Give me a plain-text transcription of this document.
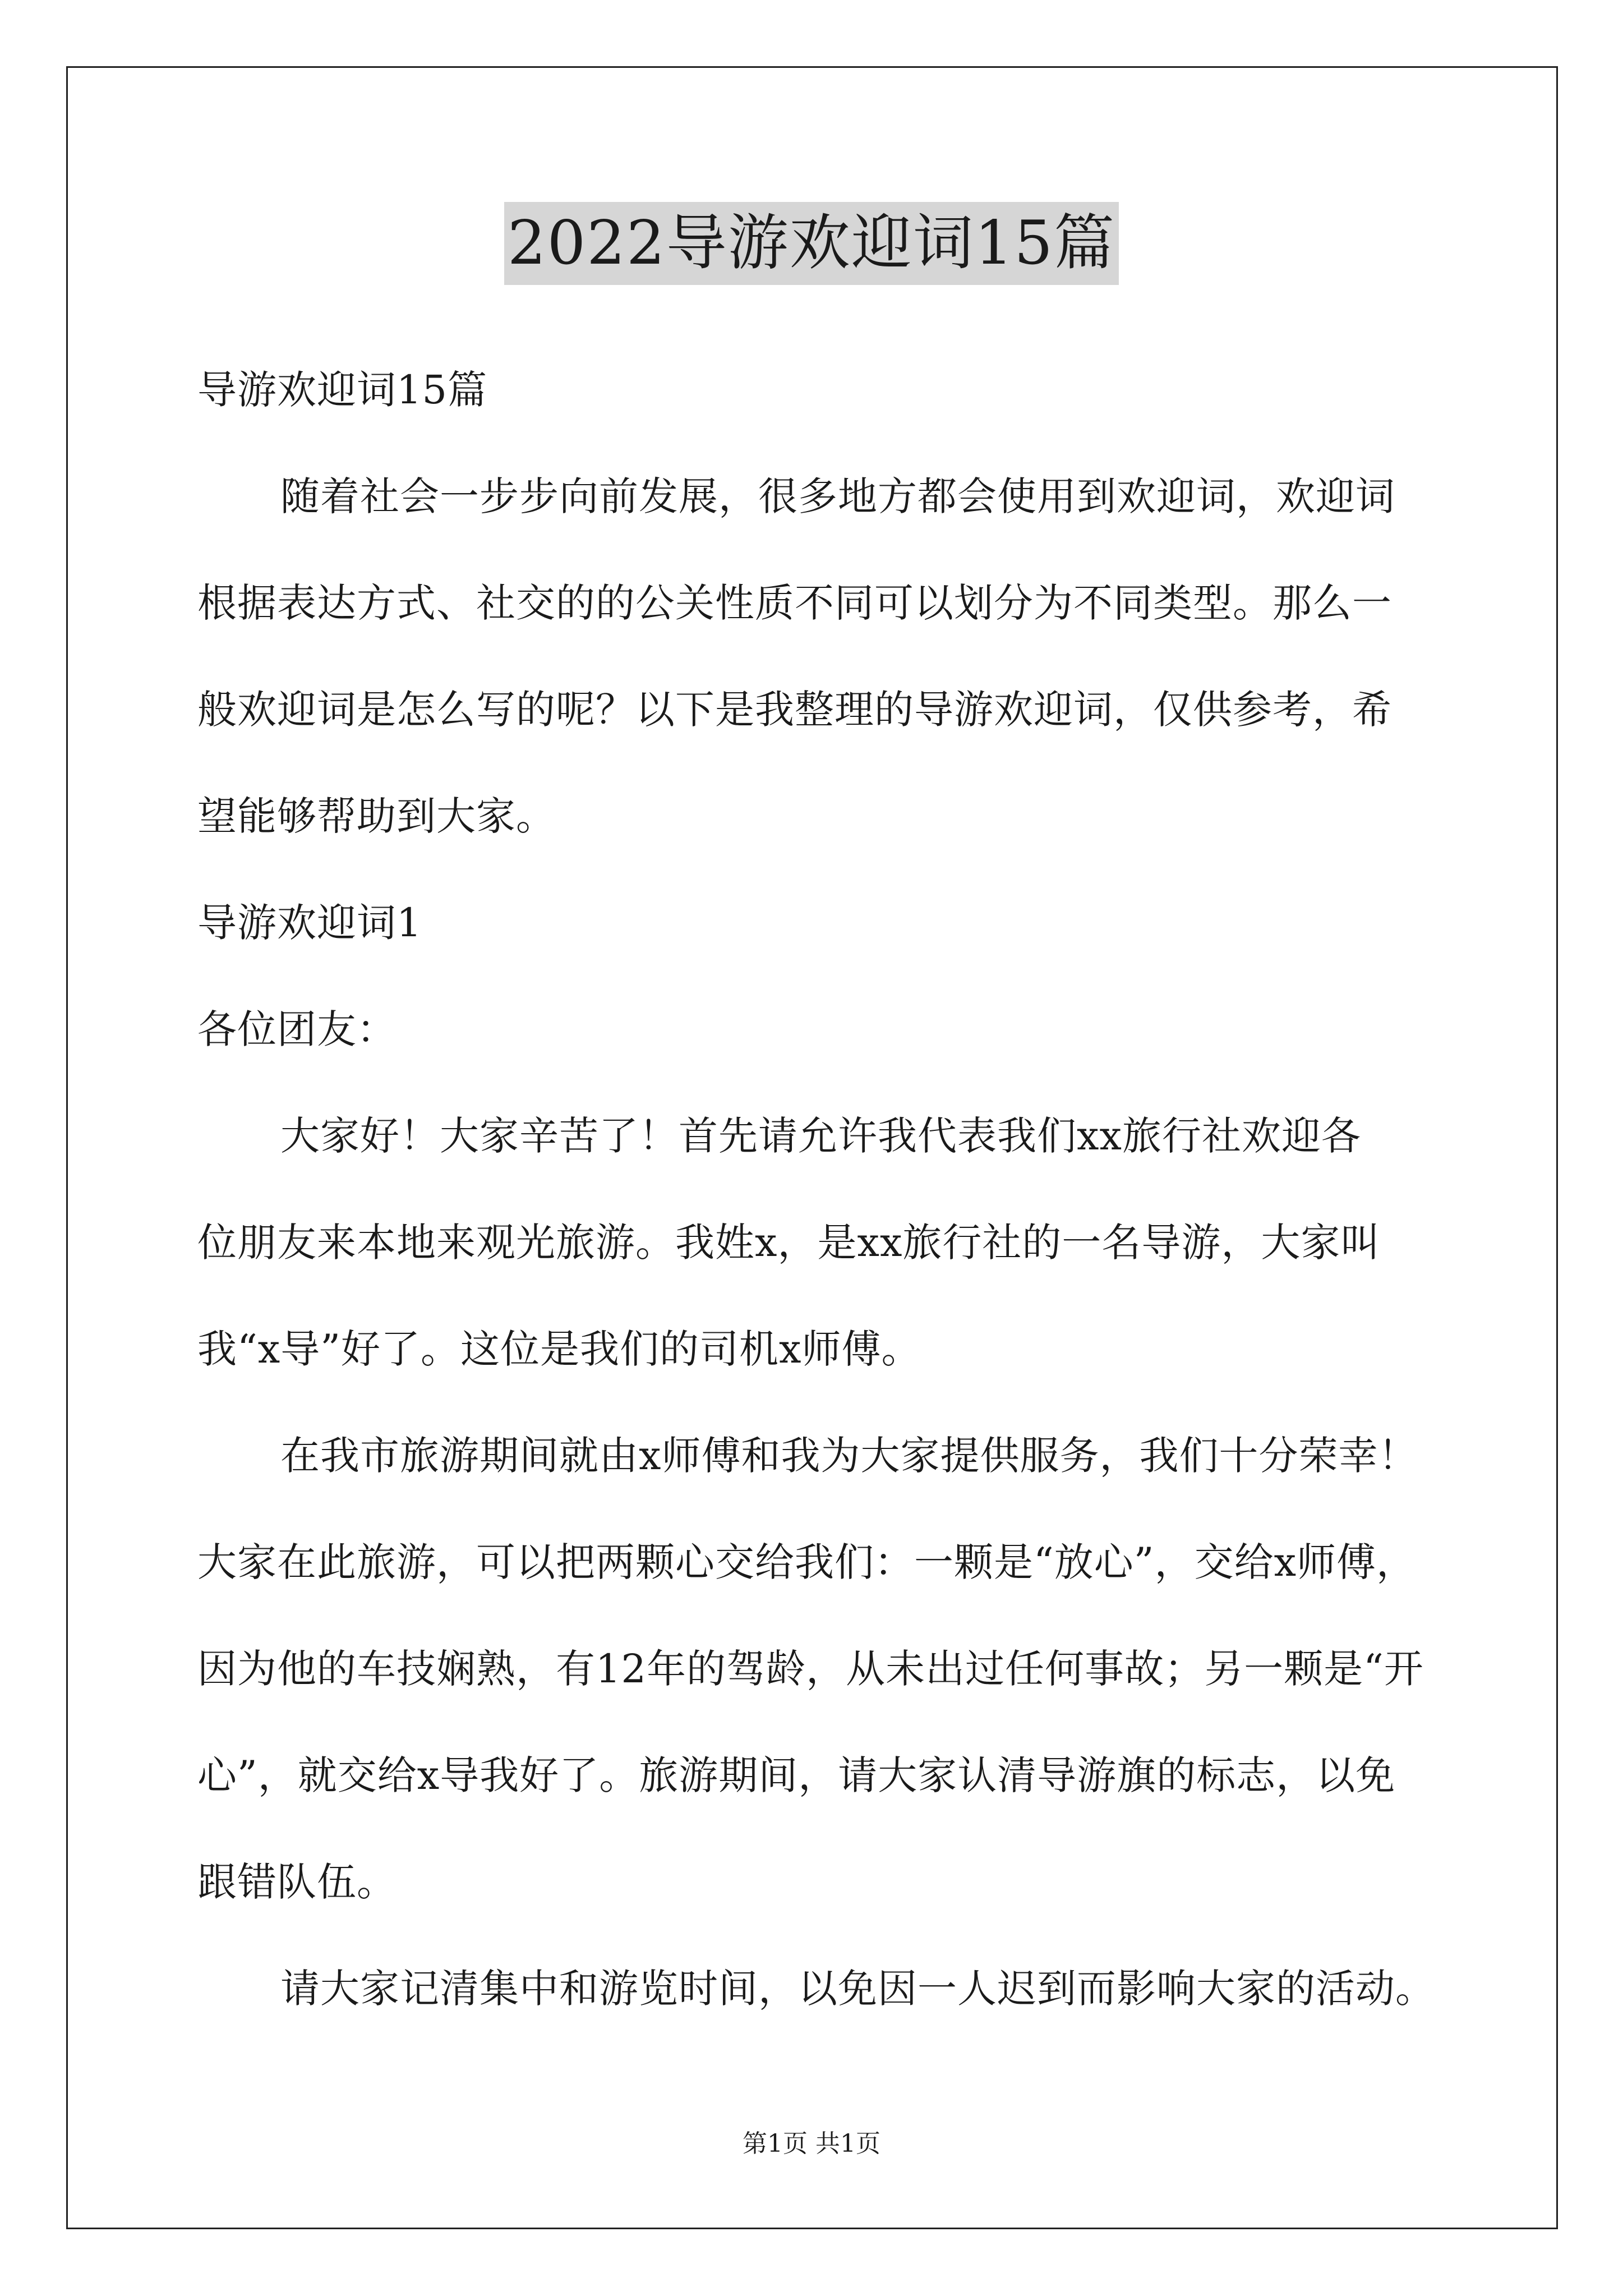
2022导游欢迎词15篇

导游欢迎词15篇

随着社会一步步向前发展，很多地方都会使用到欢迎词，欢迎词

根据表达方式、社交的的公关性质不同可以划分为不同类型。那么一

般欢迎词是怎么写的呢？以下是我整理的导游欢迎词，仅供参考，希

望能够帮助到大家。

导游欢迎词1

各位团友：

大家好！大家辛苦了！首先请允许我代表我们xx旅行社欢迎各

位朋友来本地来观光旅游。我姓x，是xx旅行社的一名导游，大家叫

我“x导”好了。这位是我们的司机x师傅。

在我市旅游期间就由x师傅和我为大家提供服务，我们十分荣幸！

大家在此旅游，可以把两颗心交给我们：一颗是“放心”，交给x师傅，

因为他的车技娴熟，有12年的驾龄，从未出过任何事故；另一颗是“开

心”，就交给x导我好了。旅游期间，请大家认清导游旗的标志，以免

跟错队伍。

请大家记清集中和游览时间，以免因一人迟到而影响大家的活动。

第1页 共1页
